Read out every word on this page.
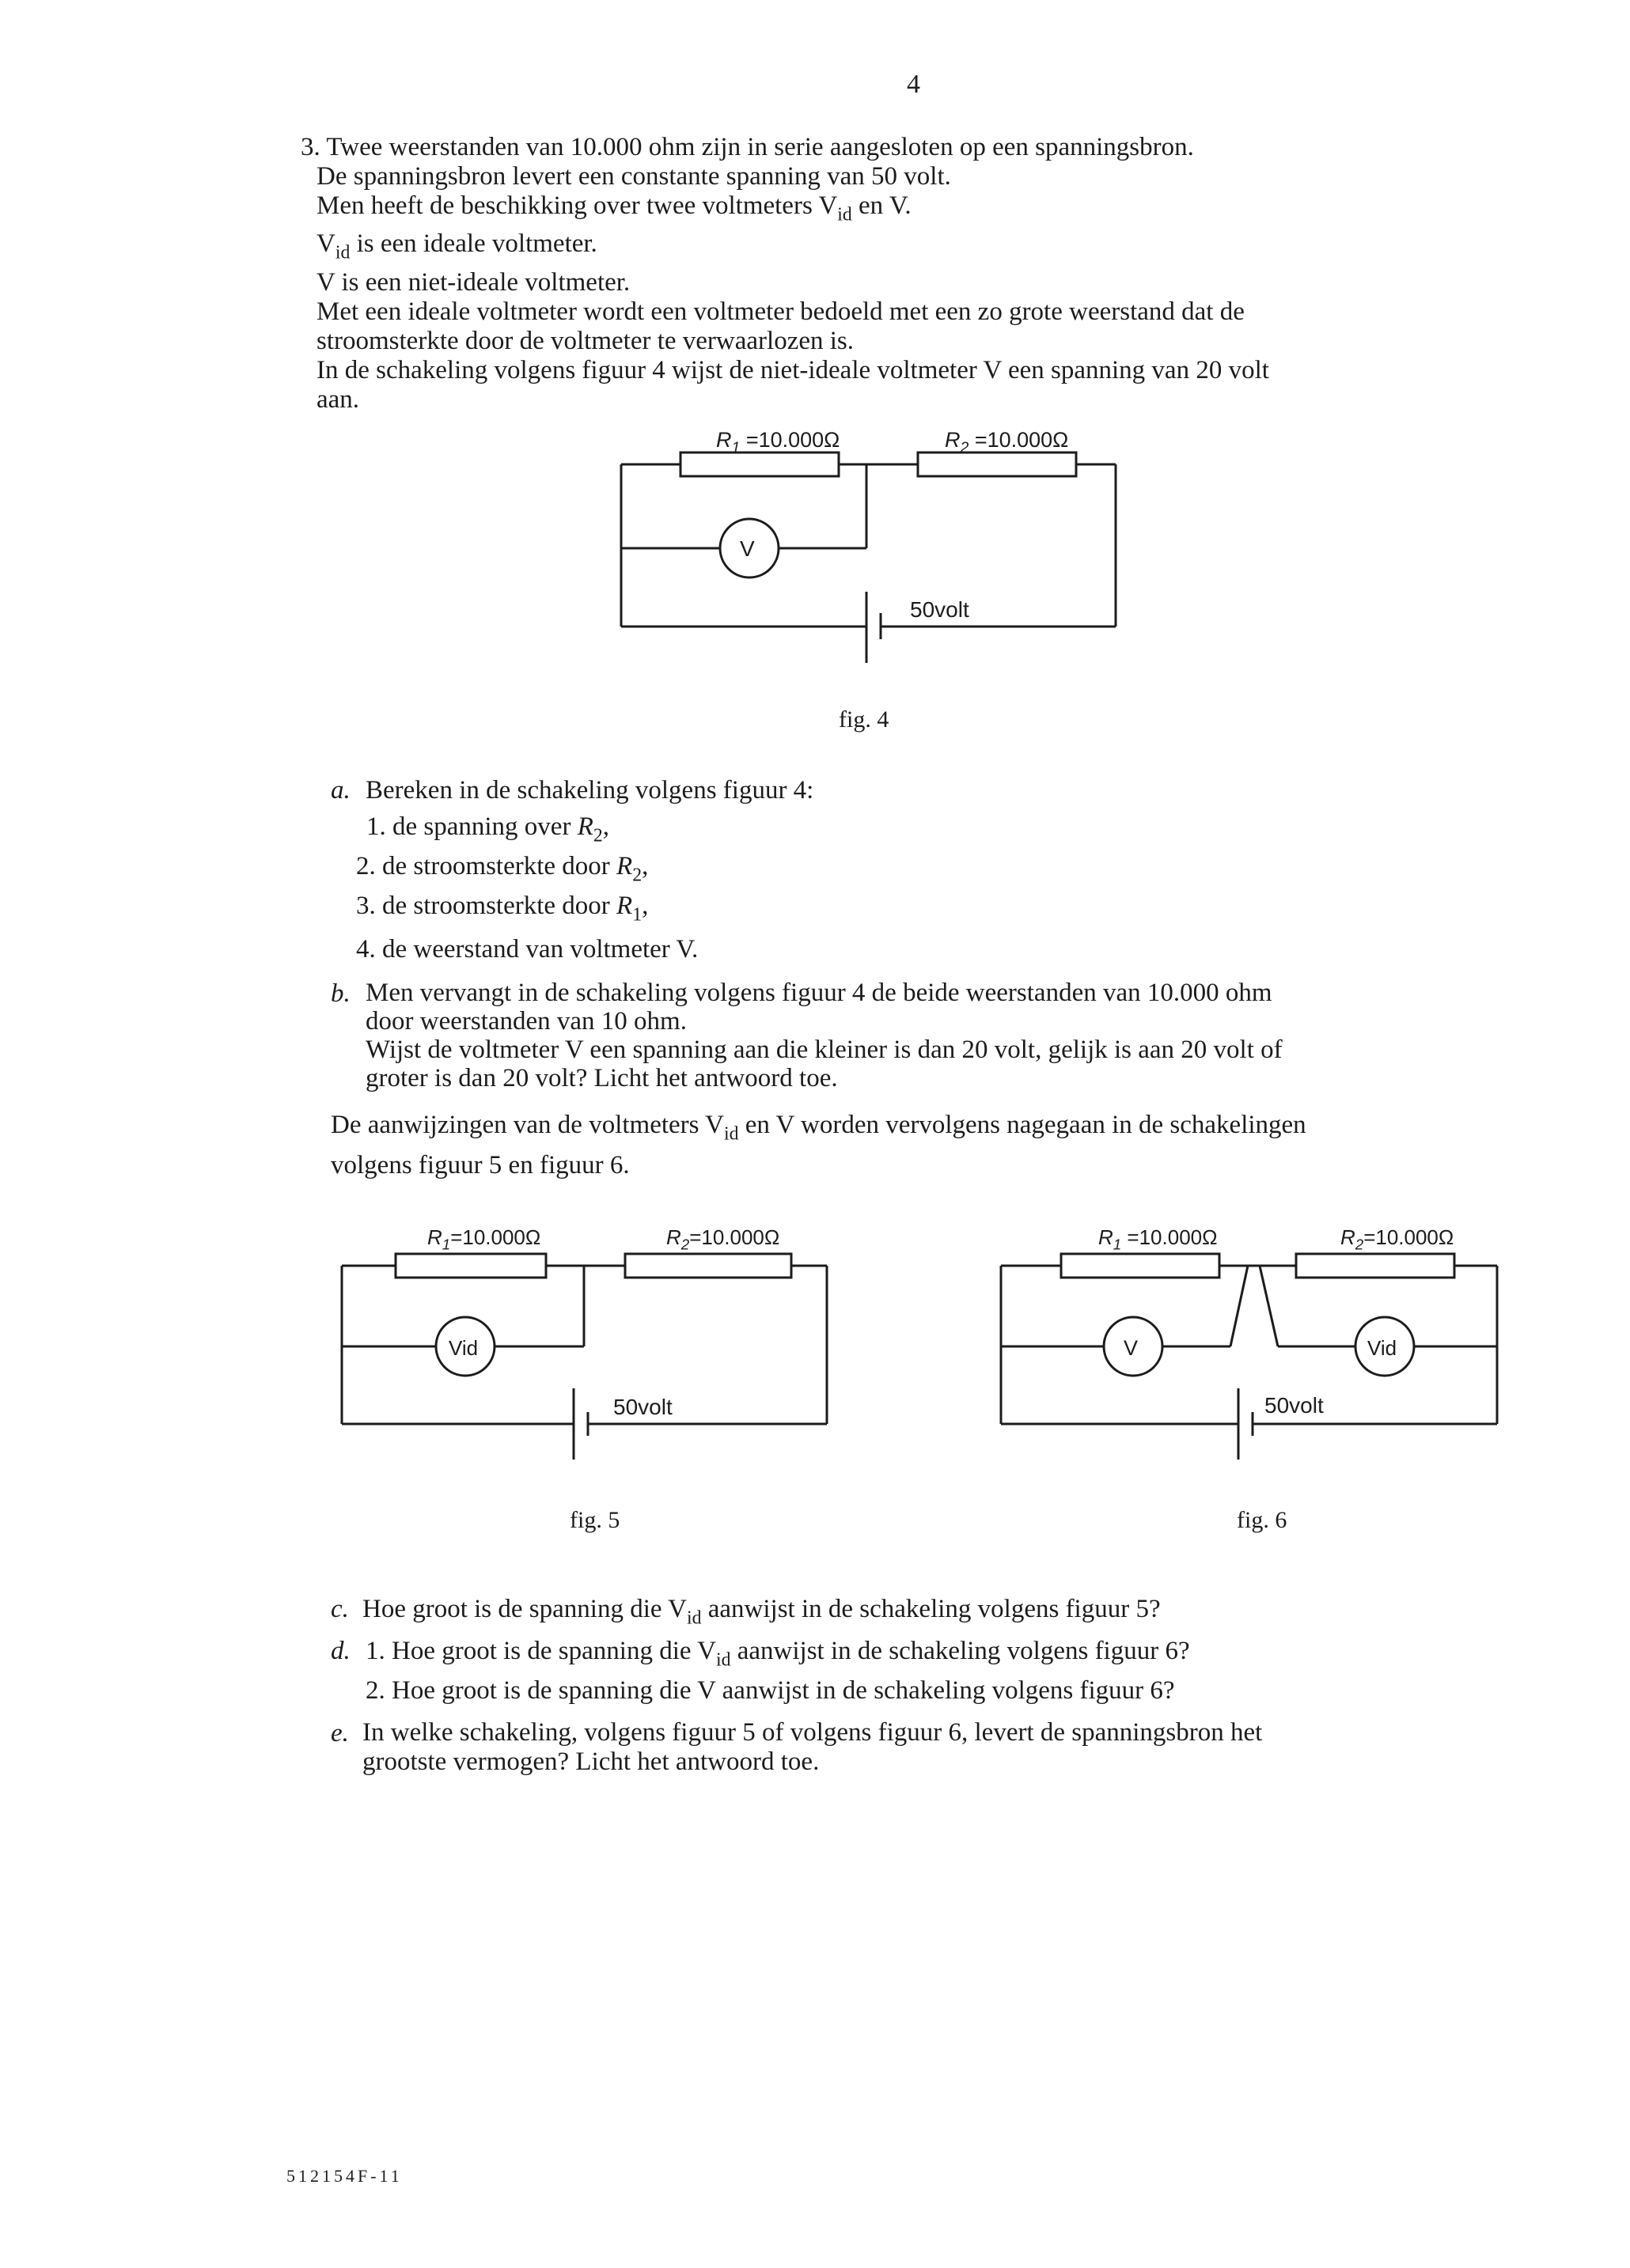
4
3. Twee weerstanden van 10.000 ohm zijn in serie aangesloten op een spanningsbron.
De spanningsbron levert een constante spanning van 50 volt.
Men heeft de beschikking over twee voltmeters $V_{id}$ en V.
$V_{id}$ is een ideale voltmeter.
V is een niet-ideale voltmeter.
Met een ideale voltmeter wordt een voltmeter bedoeld met een zo grote weerstand dat de
stroomsterkte door de voltmeter te verwaarlozen is.
In de schakeling volgens figuur 4 wijst de niet-ideale voltmeter V een spanning van 20 volt
aan.
$R_1 =10.000\Omega$	$R_2 =10.000\Omega$
V
50volt
fig. 4
a. Bereken in de schakeling volgens figuur 4:
1. de spanning over $R_2$,
2. de stroomsterkte door $R_2$,
3. de stroomsterkte door $R_1$,
4. de weerstand van voltmeter V.
b. Men vervangt in de schakeling volgens figuur 4 de beide weerstanden van 10.000 ohm
door weerstanden van 10 ohm.
Wijst de voltmeter V een spanning aan die kleiner is dan 20 volt, gelijk is aan 20 volt of
groter is dan 20 volt? Licht het antwoord toe.
De aanwijzingen van de voltmeters $V_{id}$ en V worden vervolgens nagegaan in de schakelingen
volgens figuur 5 en figuur 6.
$R_1=10.000\Omega$	$R_2=10.000\Omega$
Vid
50volt
fig. 5
$R_1 =10.000\Omega$	$R_2=10.000\Omega$
V	Vid
50volt
fig. 6
c. Hoe groot is de spanning die $V_{id}$ aanwijst in de schakeling volgens figuur 5?
d. 1. Hoe groot is de spanning die $V_{id}$ aanwijst in de schakeling volgens figuur 6?
2. Hoe groot is de spanning die V aanwijst in de schakeling volgens figuur 6?
e. In welke schakeling, volgens figuur 5 of volgens figuur 6, levert de spanningsbron het
grootste vermogen? Licht het antwoord toe.
512154F-11
